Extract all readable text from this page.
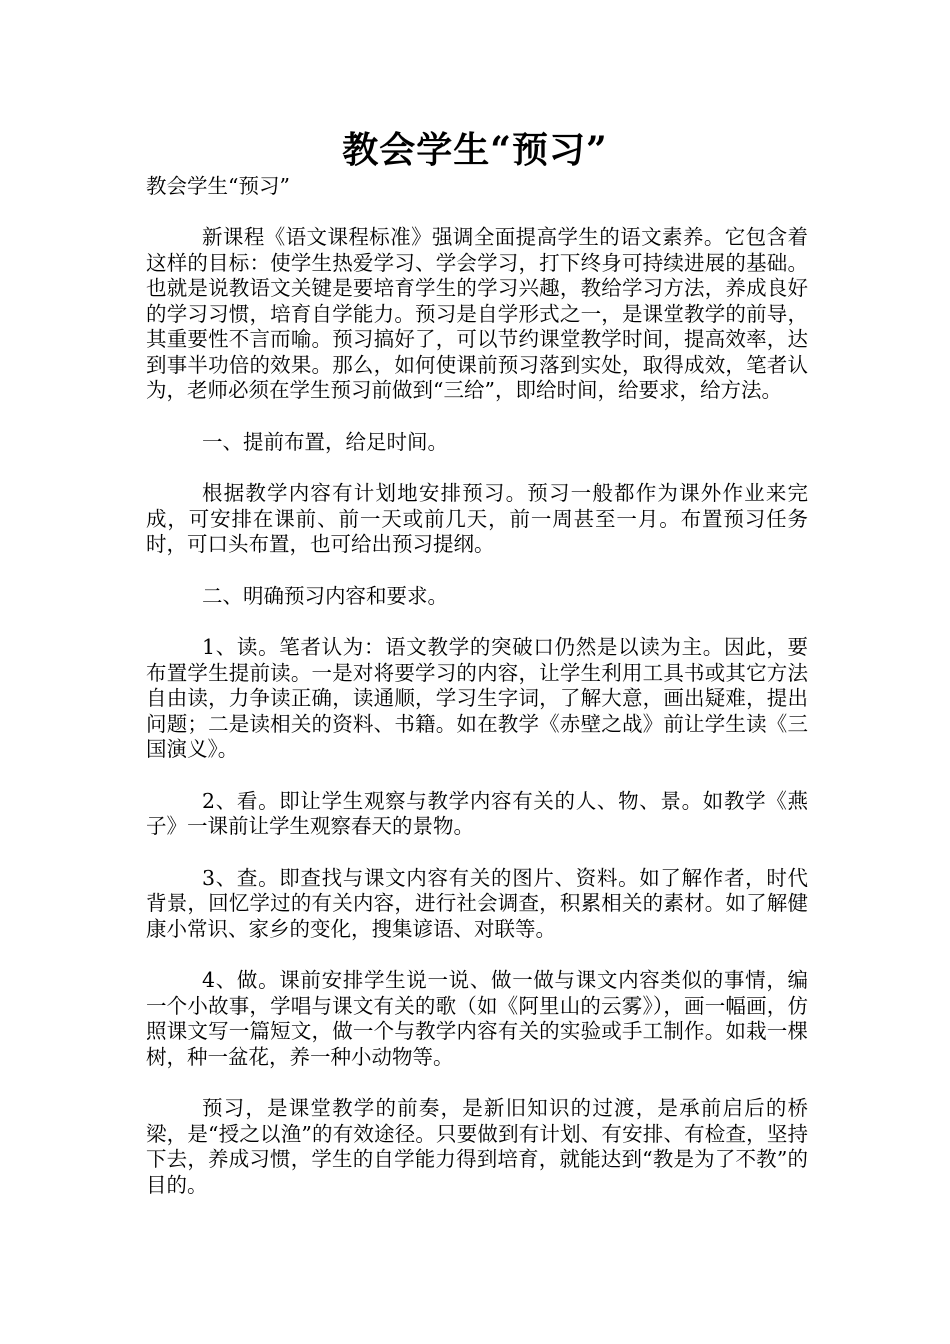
教会学生“预习”
教会学生“预习”

新课程《语文课程标准》强调全面提高学生的语文素养。它包含着这样的目标：使学生热爱学习、学会学习，打下终身可持续进展的基础。也就是说教语文关键是要培育学生的学习兴趣，教给学习方法，养成良好的学习习惯，培育自学能力。预习是自学形式之一，是课堂教学的前导，其重要性不言而喻。预习搞好了，可以节约课堂教学时间，提高效率，达到事半功倍的效果。那么，如何使课前预习落到实处，取得成效，笔者认为，老师必须在学生预习前做到“三给”，即给时间，给要求，给方法。

一、提前布置，给足时间。

根据教学内容有计划地安排预习。预习一般都作为课外作业来完成，可安排在课前、前一天或前几天，前一周甚至一月。布置预习任务时，可口头布置，也可给出预习提纲。

二、明确预习内容和要求。

1、读。笔者认为：语文教学的突破口仍然是以读为主。因此，要布置学生提前读。一是对将要学习的内容，让学生利用工具书或其它方法自由读，力争读正确，读通顺，学习生字词，了解大意，画出疑难，提出问题；二是读相关的资料、书籍。如在教学《赤壁之战》前让学生读《三国演义》。

2、看。即让学生观察与教学内容有关的人、物、景。如教学《燕子》一课前让学生观察春天的景物。

3、查。即查找与课文内容有关的图片、资料。如了解作者，时代背景，回忆学过的有关内容，进行社会调查，积累相关的素材。如了解健康小常识、家乡的变化，搜集谚语、对联等。

4、做。课前安排学生说一说、做一做与课文内容类似的事情，编一个小故事，学唱与课文有关的歌（如《阿里山的云雾》），画一幅画，仿照课文写一篇短文，做一个与教学内容有关的实验或手工制作。如栽一棵树，种一盆花，养一种小动物等。

预习，是课堂教学的前奏，是新旧知识的过渡，是承前启后的桥梁，是“授之以渔”的有效途径。只要做到有计划、有安排、有检查，坚持下去，养成习惯，学生的自学能力得到培育，就能达到“教是为了不教”的目的。
